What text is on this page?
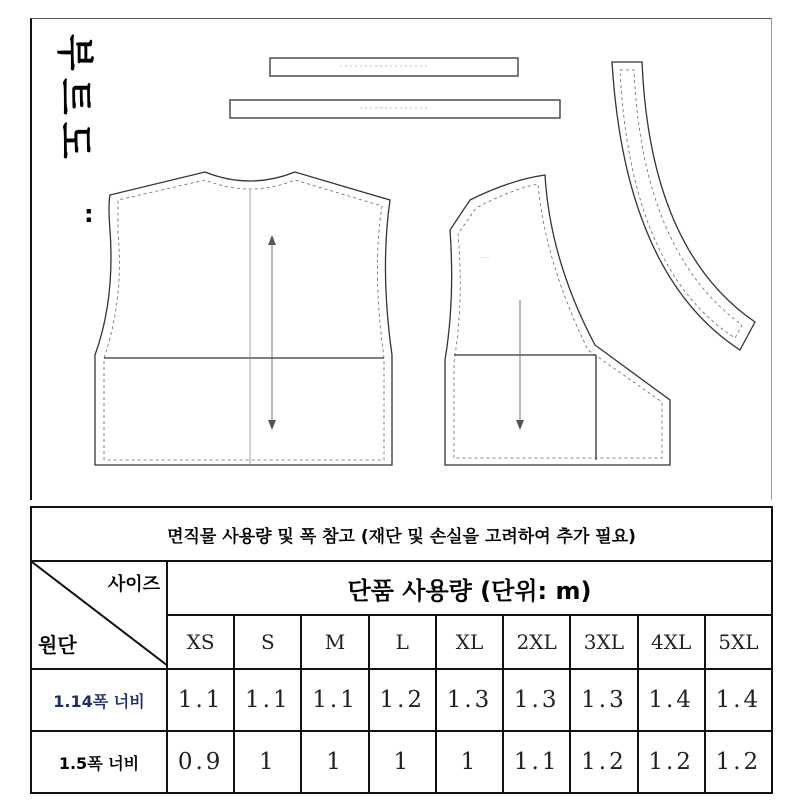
부
트
도
:
......
....
....
면직물 사용량 및 폭 참고 (재단 및 손실을 고려하여 추가 필요)									

사이즈
원단	단품 사용량 (단위: m)								
	XS	S	M	L	XL	2XL	3XL	4XL	5XL
1.14폭 너비	1.1	1.1	1.1	1.2	1.3	1.3	1.3	1.4	1.4
1.5폭 너비	0.9	1	1	1	1	1.1	1.2	1.2	1.2
